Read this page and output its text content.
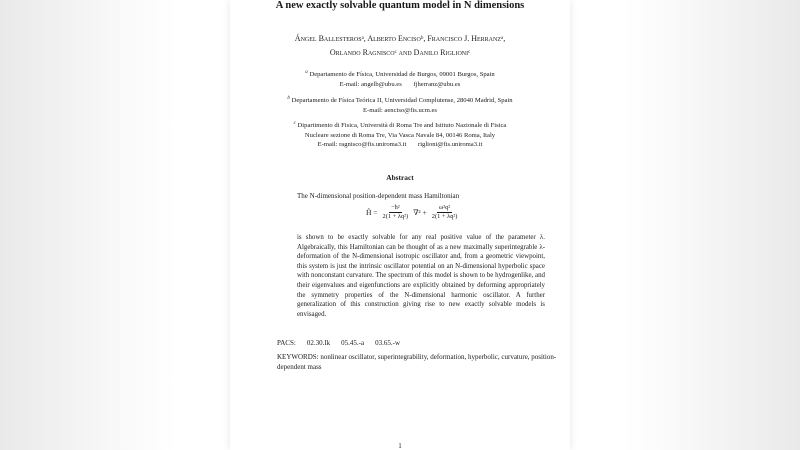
A new exactly solvable quantum model in N dimensions
Ángel Ballesterosᵃ, Alberto Encisoᵇ, Francisco J. Herranzᵃ,
Orlando Ragniscoᶜ and Danilo Riglioniᶜ
$^a$ Departamento de Física, Universidad de Burgos, 09001 Burgos, Spain
E-mail: angelb@ubu.es fjherranz@ubu.es
$^b$ Departamento de Física Teórica II, Universidad Complutense, 28040 Madrid, Spain
E-mail: aenciso@fis.ucm.es
$^c$ Dipartimento di Fisica, Università di Roma Tre and Istituto Nazionale di Fisica
Nucleare sezione di Roma Tre, Via Vasca Navale 84, 00146 Roma, Italy
E-mail: ragnisco@fis.uniroma3.it riglioni@fis.uniroma3.it
Abstract
The N-dimensional position-dependent mass Hamiltonian
Ĥ = $\frac{\text{−ħ²}}{\text{2(1 + λq²)}} \nabla^2 + \frac{\text{ω²q²}}{\text{2(1 + λq²)}}$
is shown to be exactly solvable for any real positive value of the parameter λ. Algebraically, this Hamiltonian can be thought of as a new maximally superintegrable λ-deformation of the N-dimensional isotropic oscillator and, from a geometric viewpoint, this system is just the intrinsic oscillator potential on an N-dimensional hyperbolic space with nonconstant curvature. The spectrum of this model is shown to be hydrogenlike, and their eigenvalues and eigenfunctions are explicitly obtained by deforming appropriately the symmetry properties of the N-dimensional harmonic oscillator. A further generalization of this construction giving rise to new exactly solvable models is envisaged.
PACS: 02.30.Ik 05.45.-a 03.65.-w
KEYWORDS: nonlinear oscillator, superintegrability, deformation, hyperbolic, curvature, position-dependent mass
1
